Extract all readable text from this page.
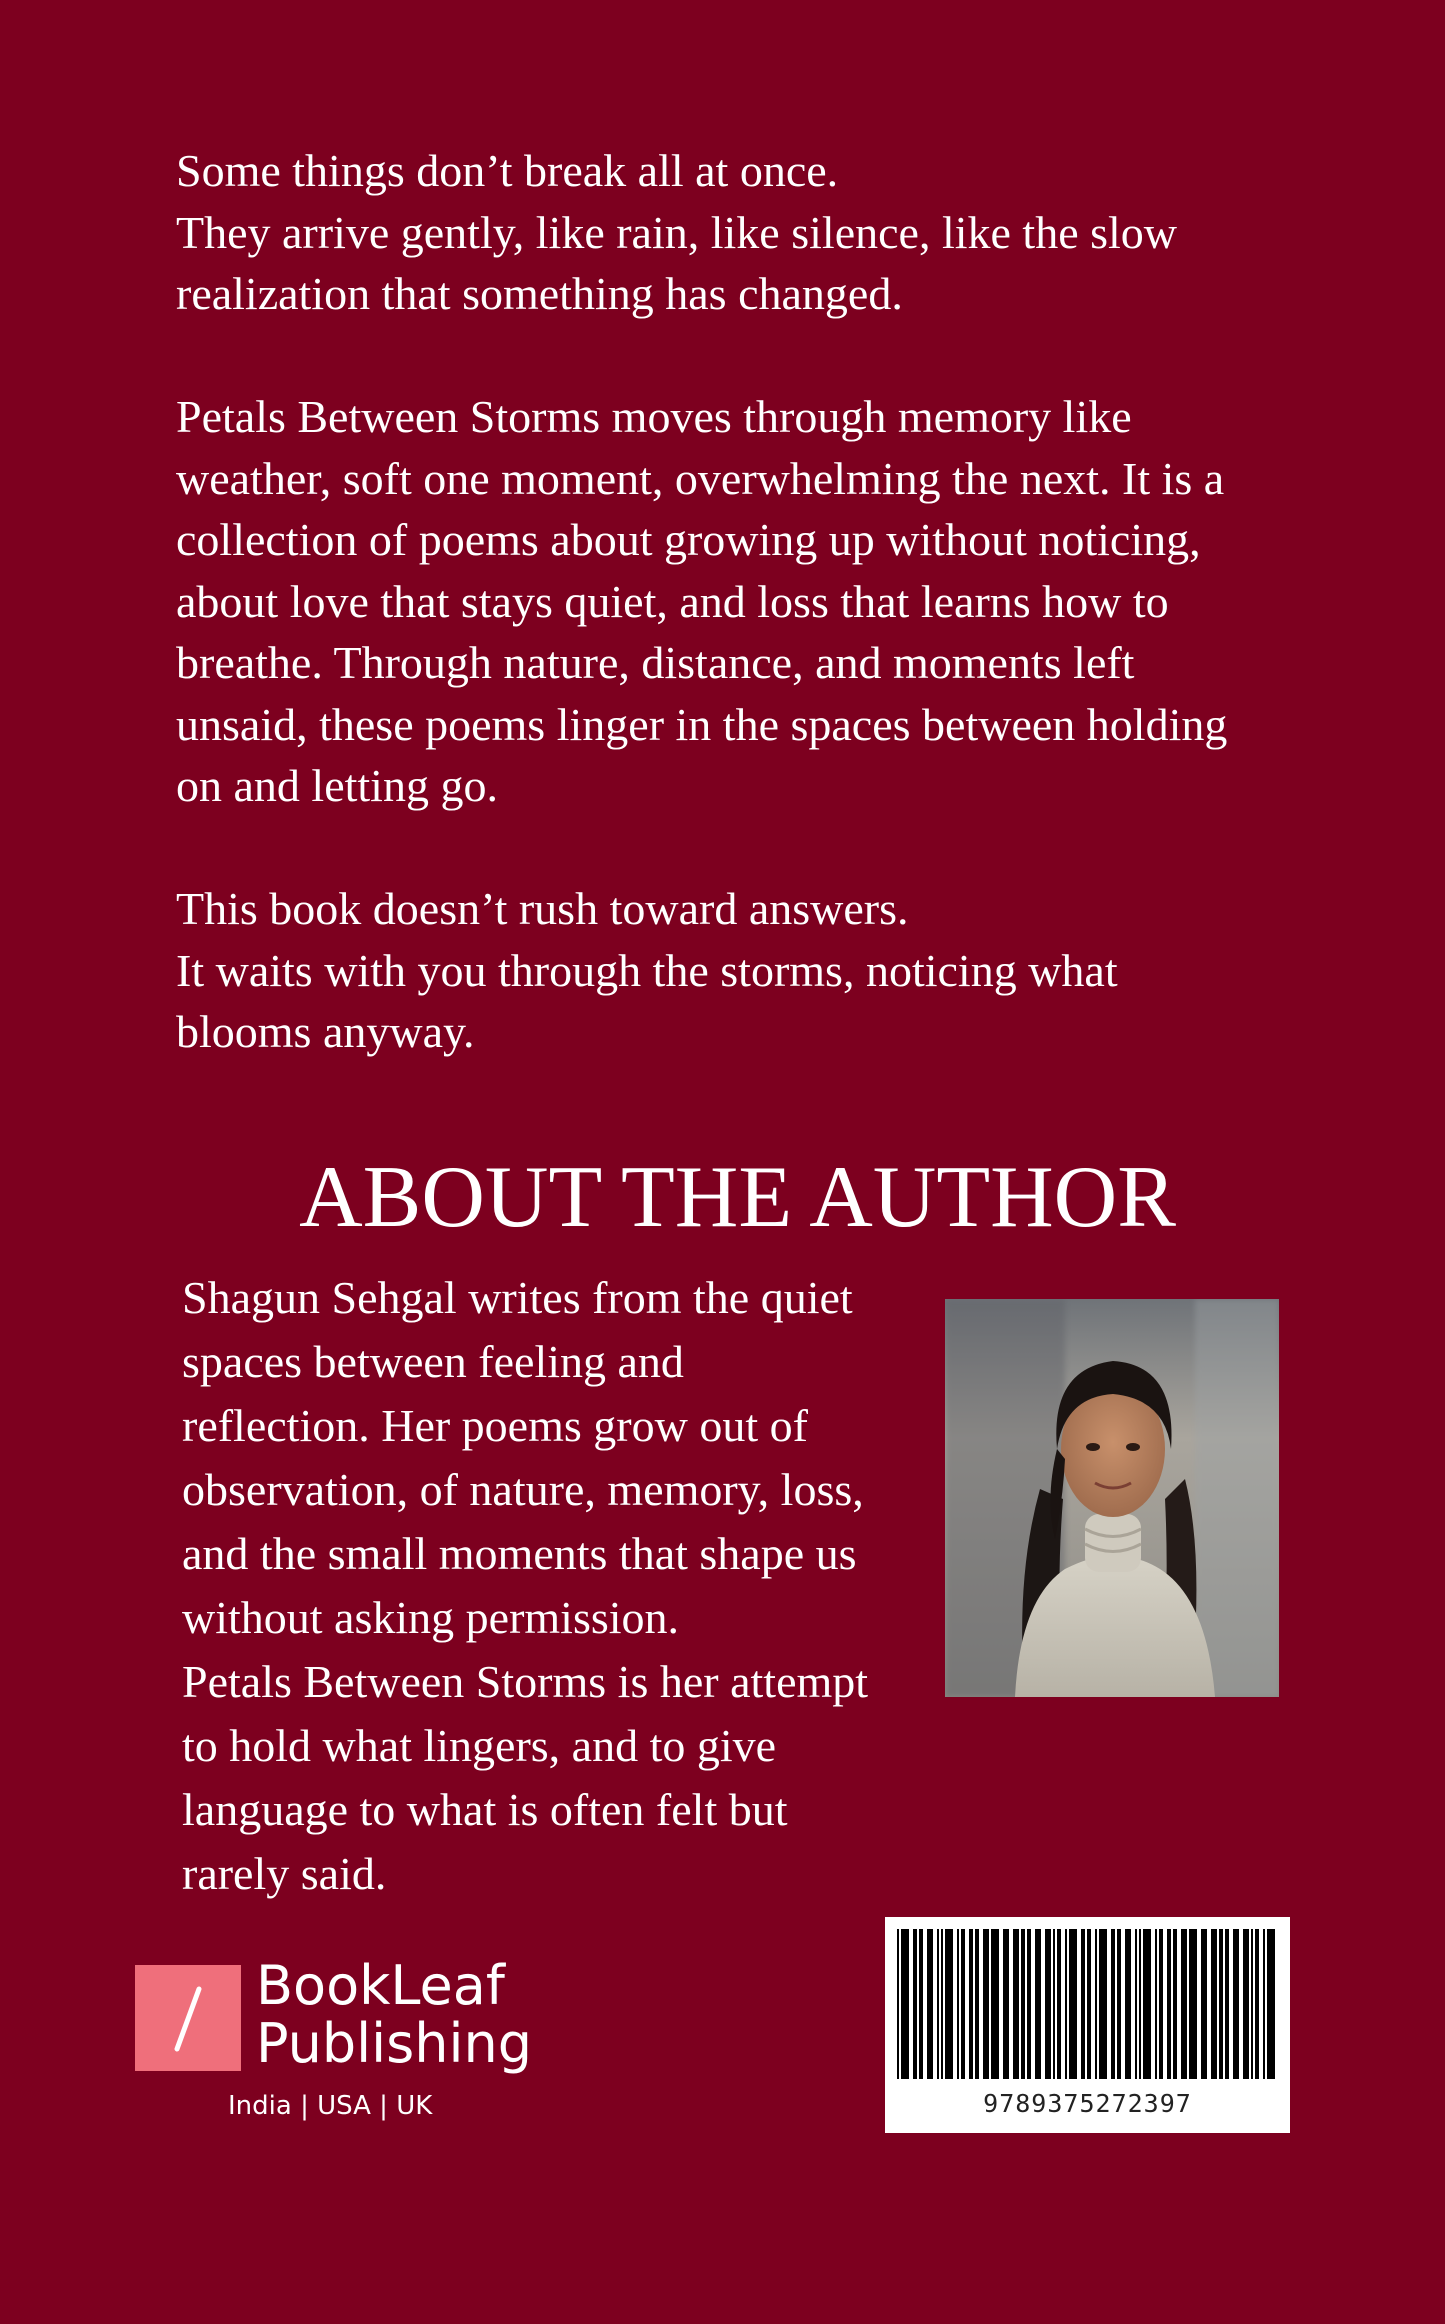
Some things don’t break all at once.
They arrive gently, like rain, like silence, like the slow
realization that something has changed.

Petals Between Storms moves through memory like
weather, soft one moment, overwhelming the next. It is a
collection of poems about growing up without noticing,
about love that stays quiet, and loss that learns how to
breathe. Through nature, distance, and moments left
unsaid, these poems linger in the spaces between holding
on and letting go.

This book doesn’t rush toward answers.
It waits with you through the storms, noticing what
blooms anyway.

ABOUT THE AUTHOR
Shagun Sehgal writes from the quiet
spaces between feeling and
reflection. Her poems grow out of
observation, of nature, memory, loss,
and the small moments that shape us
without asking permission.
Petals Between Storms is her attempt
to hold what lingers, and to give
language to what is often felt but
rarely said.
BookLeaf
Publishing
India | USA | UK	9789375272397
